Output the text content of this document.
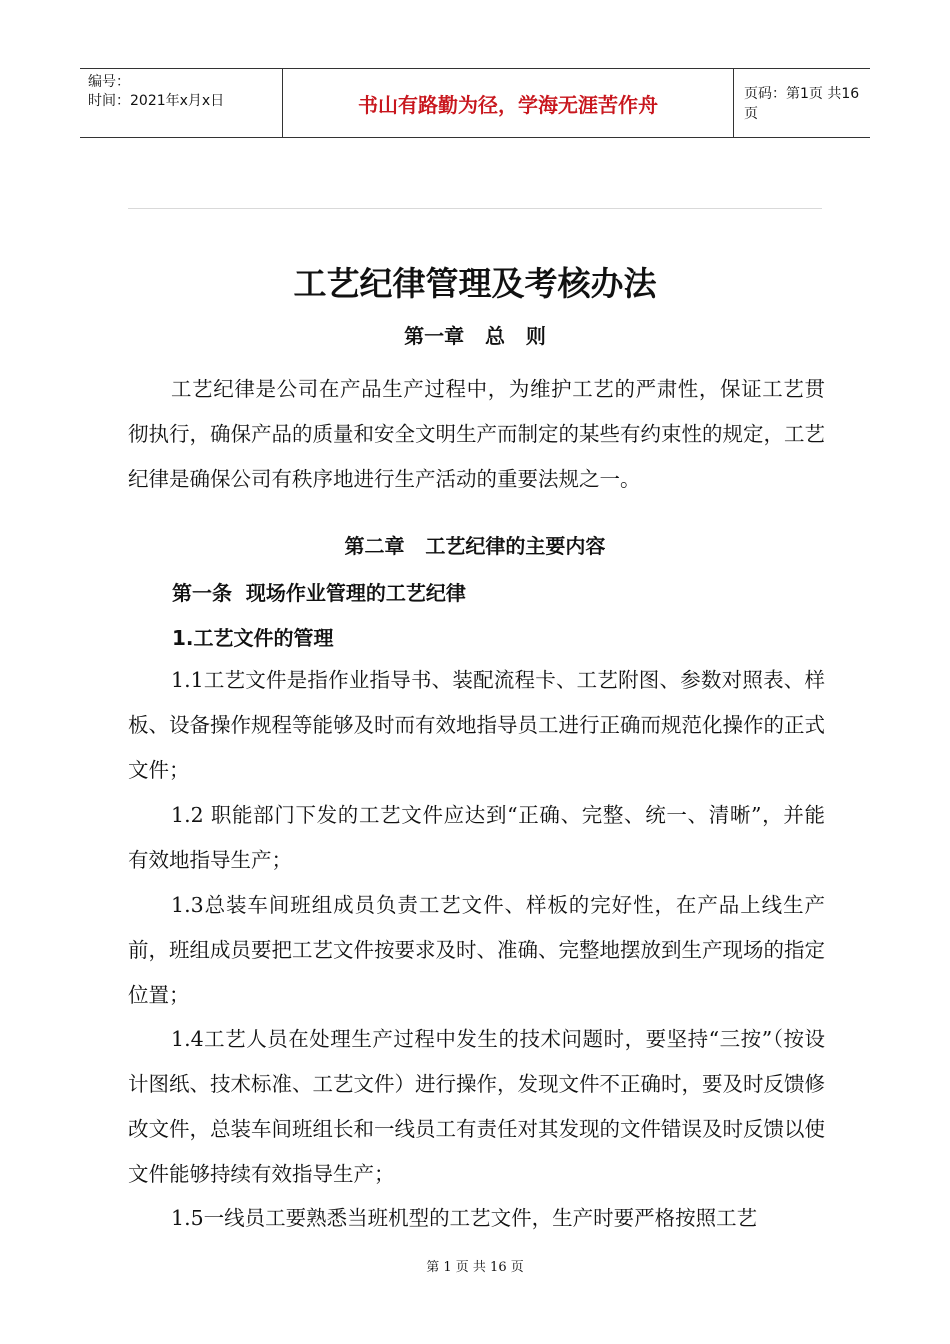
编号：
时间：2021年x月x日	书山有路勤为径，学海无涯苦作舟	页码：第1页 共16页
工艺纪律管理及考核办法
第一章   总   则

工艺纪律是公司在产品生产过程中，为维护工艺的严肃性，保证工艺贯彻执行，确保产品的质量和安全文明生产而制定的某些有约束性的规定，工艺纪律是确保公司有秩序地进行生产活动的重要法规之一。

第二章   工艺纪律的主要内容
第一条  现场作业管理的工艺纪律
1.工艺文件的管理

1.1工艺文件是指作业指导书、装配流程卡、工艺附图、参数对照表、样板、设备操作规程等能够及时而有效地指导员工进行正确而规范化操作的正式文件；

1.2 职能部门下发的工艺文件应达到“正确、完整、统一、清晰”，并能有效地指导生产；

1.3总装车间班组成员负责工艺文件、样板的完好性，在产品上线生产前，班组成员要把工艺文件按要求及时、准确、完整地摆放到生产现场的指定位置；

1.4工艺人员在处理生产过程中发生的技术问题时，要坚持“三按”（按设计图纸、技术标准、工艺文件）进行操作，发现文件不正确时，要及时反馈修改文件，总装车间班组长和一线员工有责任对其发现的文件错误及时反馈以使文件能够持续有效指导生产；

1.5一线员工要熟悉当班机型的工艺文件，生产时要严格按照工艺

第 1 页 共 16 页
